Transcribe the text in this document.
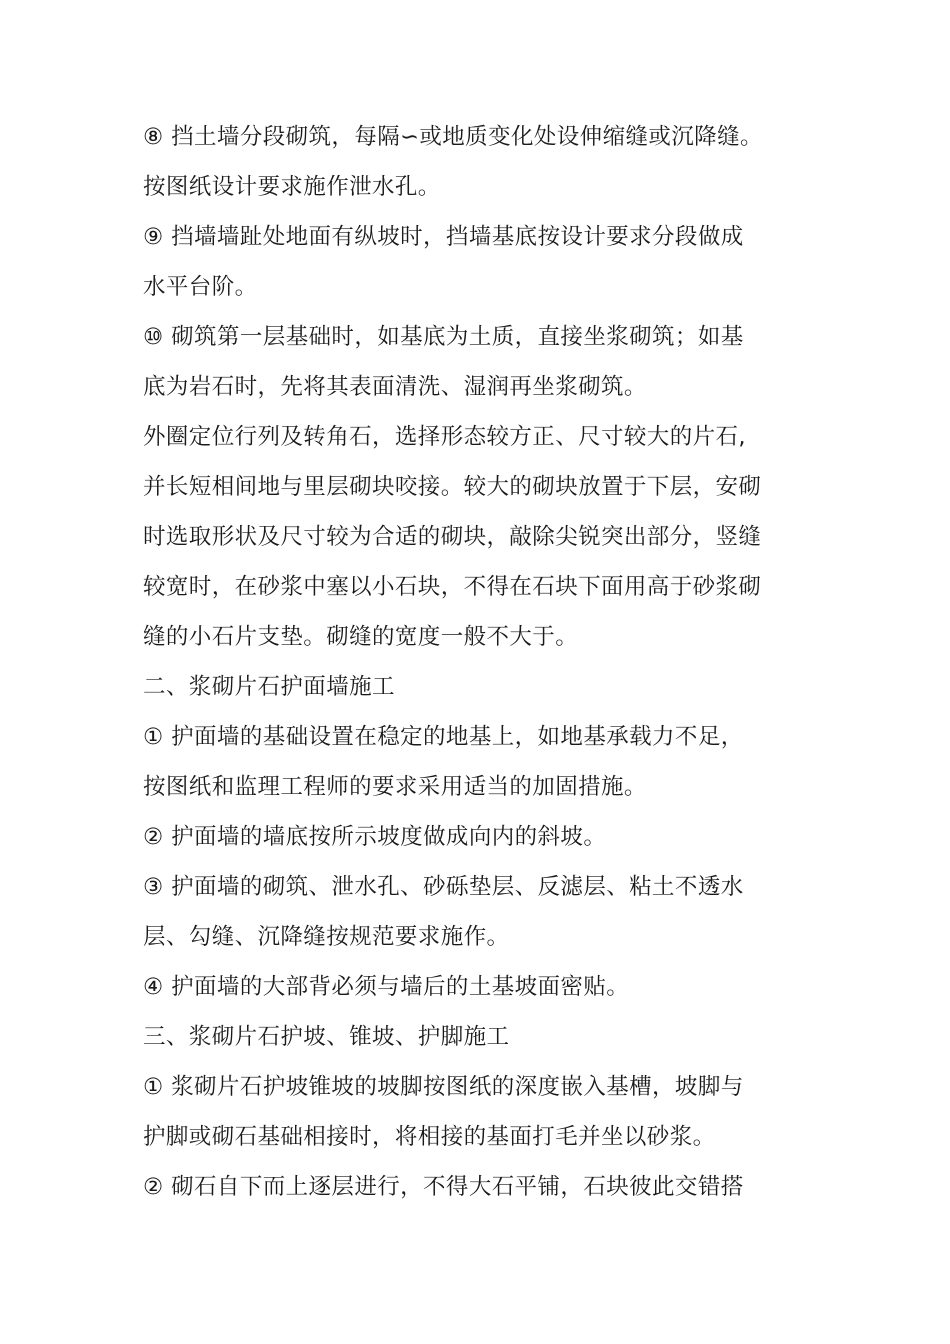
⑧ 挡土墙分段砌筑，每隔∽或地质变化处设伸缩缝或沉降缝。
按图纸设计要求施作泄水孔。
⑨ 挡墙墙趾处地面有纵坡时，挡墙基底按设计要求分段做成
水平台阶。
⑩ 砌筑第一层基础时，如基底为土质，直接坐浆砌筑；如基
底为岩石时，先将其表面清洗、湿润再坐浆砌筑。
外圈定位行列及转角石，选择形态较方正、尺寸较大的片石,
并长短相间地与里层砌块咬接。较大的砌块放置于下层，安砌
时选取形状及尺寸较为合适的砌块，敲除尖锐突出部分，竖缝
较宽时，在砂浆中塞以小石块，不得在石块下面用高于砂浆砌
缝的小石片支垫。砌缝的宽度一般不大于。
二、浆砌片石护面墙施工
① 护面墙的基础设置在稳定的地基上，如地基承载力不足，
按图纸和监理工程师的要求采用适当的加固措施。
② 护面墙的墙底按所示坡度做成向内的斜坡。
③ 护面墙的砌筑、泄水孔、砂砾垫层、反滤层、粘土不透水
层、勾缝、沉降缝按规范要求施作。
④ 护面墙的大部背必须与墙后的土基坡面密贴。
三、浆砌片石护坡、锥坡、护脚施工
① 浆砌片石护坡锥坡的坡脚按图纸的深度嵌入基槽，坡脚与
护脚或砌石基础相接时，将相接的基面打毛并坐以砂浆。
② 砌石自下而上逐层进行，不得大石平铺，石块彼此交错搭
